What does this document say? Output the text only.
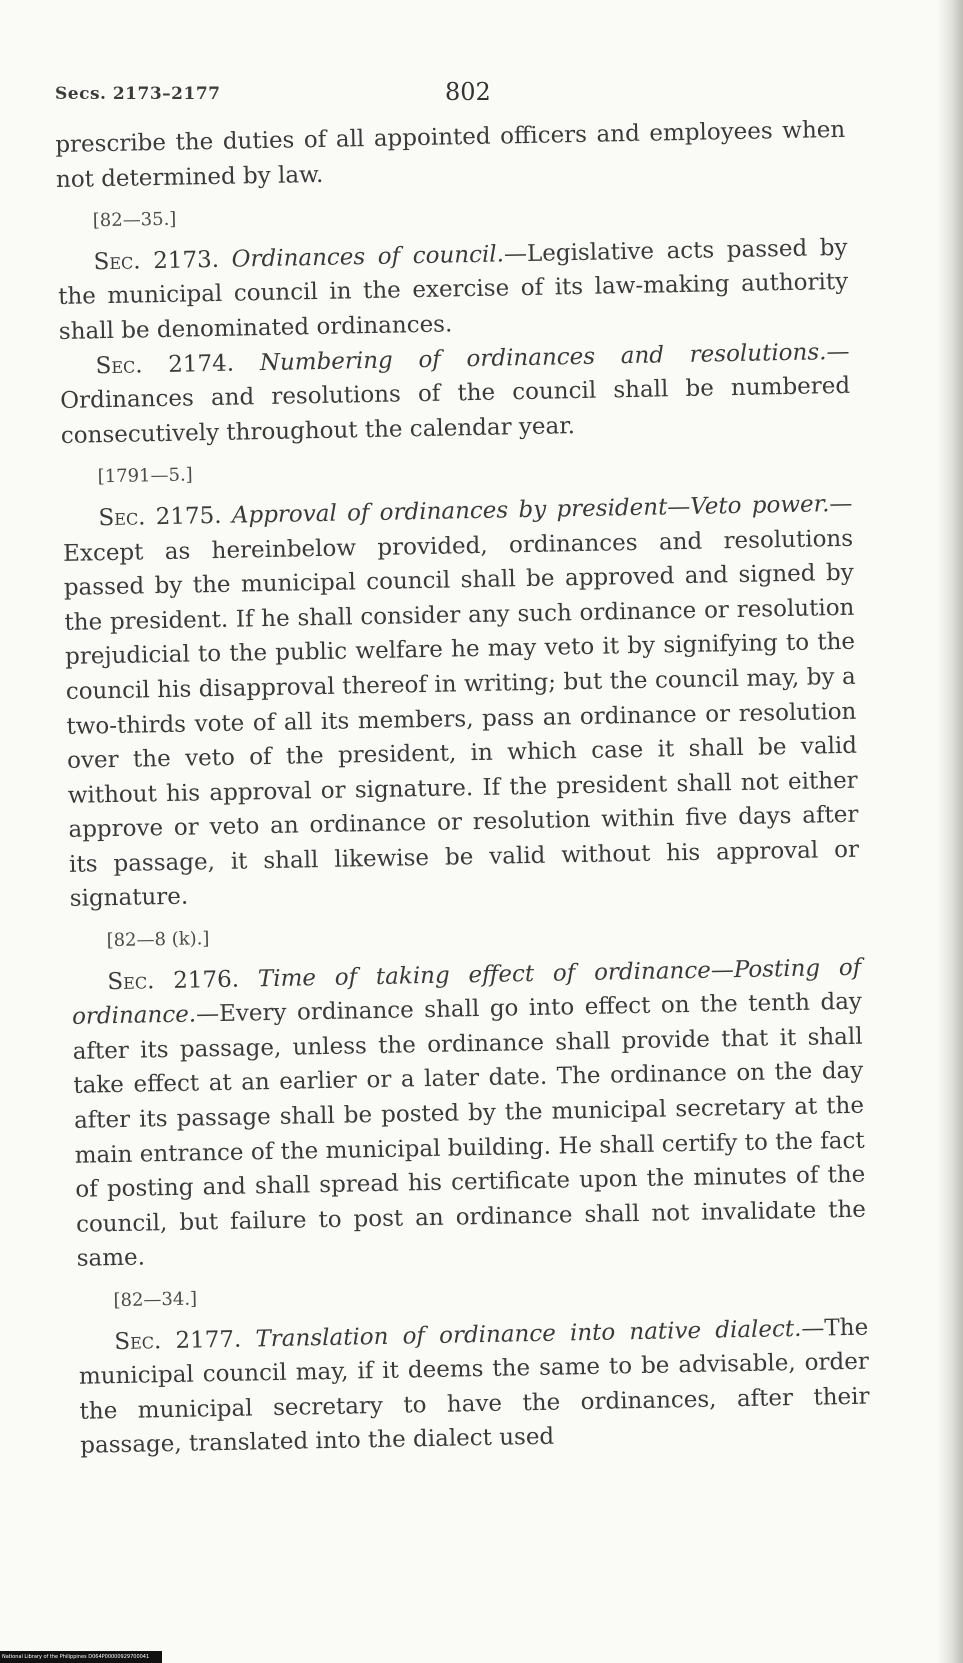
Secs. 2173–2177	802

prescribe the duties of all appointed officers and employees when not determined by law.

[82—35.]

Sec. 2173. Ordinances of council.—Legislative acts passed by the municipal council in the exercise of its law-making authority shall be denominated ordinances.

Sec. 2174. Numbering of ordinances and resolutions.—Ordinances and resolutions of the council shall be numbered consecutively throughout the calendar year.

[1791—5.]

Sec. 2175. Approval of ordinances by president—Veto power.—Except as hereinbelow provided, ordinances and resolutions passed by the municipal council shall be approved and signed by the president. If he shall consider any such ordinance or resolution prejudicial to the public welfare he may veto it by signifying to the council his disapproval thereof in writing; but the council may, by a two-thirds vote of all its members, pass an ordinance or resolution over the veto of the president, in which case it shall be valid without his approval or signature. If the president shall not either approve or veto an ordinance or resolution within five days after its passage, it shall likewise be valid without his approval or signature.

[82—8 (k).]

Sec. 2176. Time of taking effect of ordinance—Posting of ordinance.—Every ordinance shall go into effect on the tenth day after its passage, unless the ordinance shall provide that it shall take effect at an earlier or a later date. The ordinance on the day after its passage shall be posted by the municipal secretary at the main entrance of the municipal building. He shall certify to the fact of posting and shall spread his certificate upon the minutes of the council, but failure to post an ordinance shall not invalidate the same.

[82—34.]

Sec. 2177. Translation of ordinance into native dialect.—The municipal council may, if it deems the same to be advisable, order the municipal secretary to have the ordinances, after their passage, translated into the dialect used

National Library of the Philippines D064P00000929700041
